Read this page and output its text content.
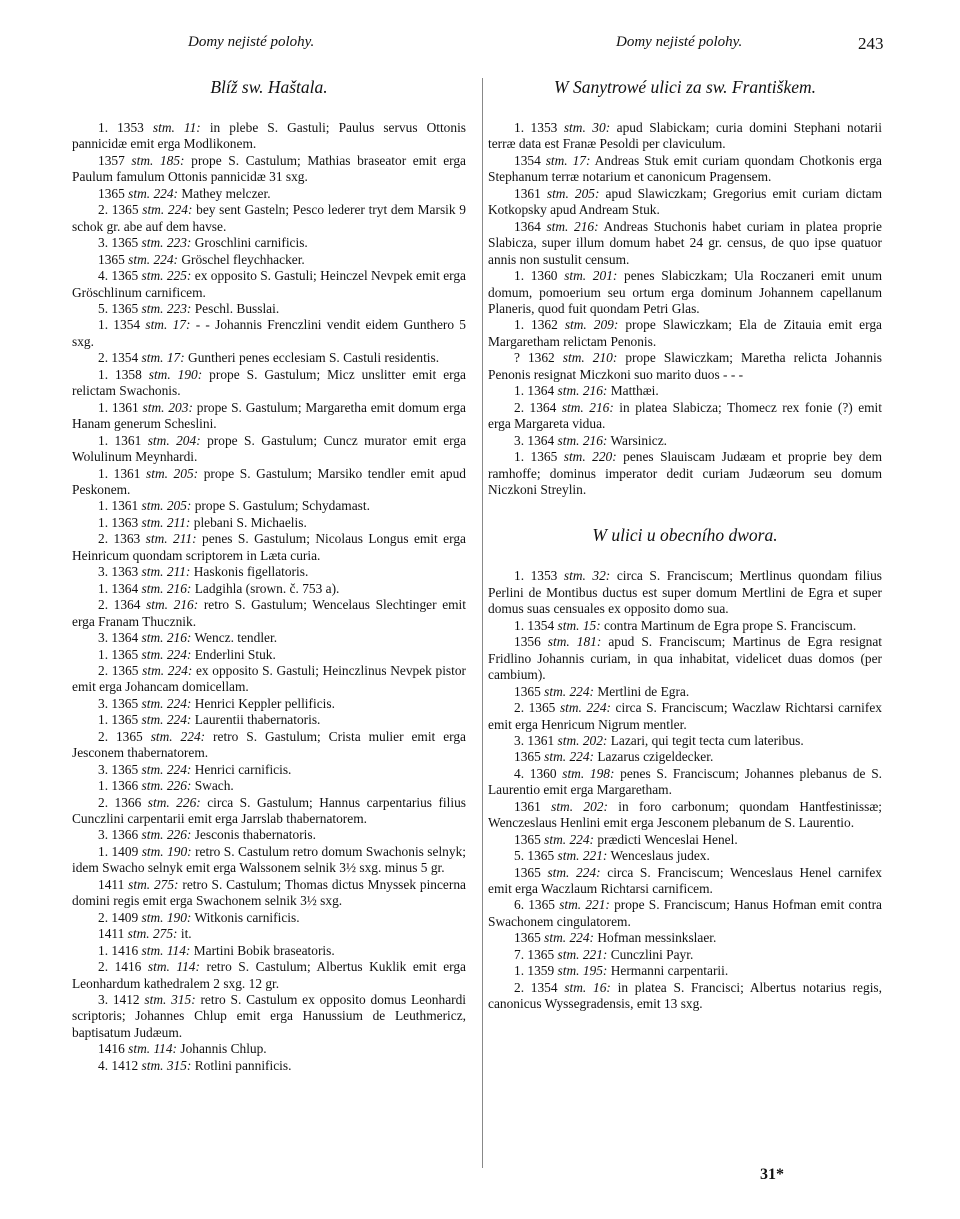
Domy nejisté polohy.	Domy nejisté polohy.	243
Blíž sw. Haštala.

1. 1353 stm. 11: in plebe S. Gastuli; Paulus servus Ottonis pannicidæ emit erga Modlikonem.

1357 stm. 185: prope S. Castulum; Mathias braseator emit erga Paulum famulum Ottonis pannicidæ 31 sxg.

1365 stm. 224: Mathey melczer.

2. 1365 stm. 224: bey sent Gasteln; Pesco lederer tryt dem Marsik 9 schok gr. abe auf dem havse.

3. 1365 stm. 223: Groschlini carnificis.

1365 stm. 224: Gröschel fleychhacker.

4. 1365 stm. 225: ex opposito S. Gastuli; Heinczel Nevpek emit erga Gröschlinum carnificem.

5. 1365 stm. 223: Peschl. Busslai.

1. 1354 stm. 17: - - Johannis Frenczlini vendit eidem Gunthero 5 sxg.

2. 1354 stm. 17: Guntheri penes ecclesiam S. Castuli residentis.

1. 1358 stm. 190: prope S. Gastulum; Micz unslitter emit erga relictam Swachonis.

1. 1361 stm. 203: prope S. Gastulum; Margaretha emit domum erga Hanam generum Scheslini.

1. 1361 stm. 204: prope S. Gastulum; Cuncz murator emit erga Wolulinum Meynhardi.

1. 1361 stm. 205: prope S. Gastulum; Marsiko tendler emit apud Peskonem.

1. 1361 stm. 205: prope S. Gastulum; Schydamast.

1. 1363 stm. 211: plebani S. Michaelis.

2. 1363 stm. 211: penes S. Gastulum; Nicolaus Longus emit erga Heinricum quondam scriptorem in Læta curia.

3. 1363 stm. 211: Haskonis figellatoris.

1. 1364 stm. 216: Ladgihla (srown. č. 753 a).

2. 1364 stm. 216: retro S. Gastulum; Wencelaus Slechtinger emit erga Franam Thucznik.

3. 1364 stm. 216: Wencz. tendler.

1. 1365 stm. 224: Enderlini Stuk.

2. 1365 stm. 224: ex opposito S. Gastuli; Heinczlinus Nevpek pistor emit erga Johancam domicellam.

3. 1365 stm. 224: Henrici Keppler pellificis.

1. 1365 stm. 224: Laurentii thabernatoris.

2. 1365 stm. 224: retro S. Gastulum; Crista mulier emit erga Jesconem thabernatorem.

3. 1365 stm. 224: Henrici carnificis.

1. 1366 stm. 226: Swach.

2. 1366 stm. 226: circa S. Gastulum; Hannus carpentarius filius Cunczlini carpentarii emit erga Jarrslab thabernatorem.

3. 1366 stm. 226: Jesconis thabernatoris.

1. 1409 stm. 190: retro S. Castulum retro domum Swachonis selnyk; idem Swacho selnyk emit erga Walssonem selnik 3½ sxg. minus 5 gr.

1411 stm. 275: retro S. Castulum; Thomas dictus Mnyssek pincerna domini regis emit erga Swachonem selnik 3½ sxg.

2. 1409 stm. 190: Witkonis carnificis.

1411 stm. 275: it.

1. 1416 stm. 114: Martini Bobik braseatoris.

2. 1416 stm. 114: retro S. Castulum; Albertus Kuklik emit erga Leonhardum kathedralem 2 sxg. 12 gr.

3. 1412 stm. 315: retro S. Castulum ex opposito domus Leonhardi scriptoris; Johannes Chlup emit erga Hanussium de Leuthmericz, baptisatum Judæum.

1416 stm. 114: Johannis Chlup.

4. 1412 stm. 315: Rotlini pannificis.

W Sanytrowé ulici za sw. Františkem.

1. 1353 stm. 30: apud Slabickam; curia domini Stephani notarii terræ data est Franæ Pesoldi per claviculum.

1354 stm. 17: Andreas Stuk emit curiam quondam Chotkonis erga Stephanum terræ notarium et canonicum Pragensem.

1361 stm. 205: apud Slawiczkam; Gregorius emit curiam dictam Kotkopsky apud Andream Stuk.

1364 stm. 216: Andreas Stuchonis habet curiam in platea proprie Slabicza, super illum domum habet 24 gr. census, de quo ipse quatuor annis non sustulit censum.

1. 1360 stm. 201: penes Slabiczkam; Ula Roczaneri emit unum domum, pomoerium seu ortum erga dominum Johannem capellanum Planeris, quod fuit quondam Petri Glas.

1. 1362 stm. 209: prope Slawiczkam; Ela de Zitauia emit erga Margaretham relictam Penonis.

? 1362 stm. 210: prope Slawiczkam; Maretha relicta Johannis Penonis resignat Miczkoni suo marito duos - - -

1. 1364 stm. 216: Matthæi.

2. 1364 stm. 216: in platea Slabicza; Thomecz rex fonie (?) emit erga Margareta vidua.

3. 1364 stm. 216: Warsinicz.

1. 1365 stm. 220: penes Slauiscam Judæam et proprie bey dem ramhoffe; dominus imperator dedit curiam Judæorum seu domum Niczkoni Streylin.

W ulici u obecního dwora.

1. 1353 stm. 32: circa S. Franciscum; Mertlinus quondam filius Perlini de Montibus ductus est super domum Mertlini de Egra et super domus suas censuales ex opposito domo sua.

1. 1354 stm. 15: contra Martinum de Egra prope S. Franciscum.

1356 stm. 181: apud S. Franciscum; Martinus de Egra resignat Fridlino Johannis curiam, in qua inhabitat, videlicet duas domos (per cambium).

1365 stm. 224: Mertlini de Egra.

2. 1365 stm. 224: circa S. Franciscum; Waczlaw Richtarsi carnifex emit erga Henricum Nigrum mentler.

3. 1361 stm. 202: Lazari, qui tegit tecta cum lateribus.

1365 stm. 224: Lazarus czigeldecker.

4. 1360 stm. 198: penes S. Franciscum; Johannes plebanus de S. Laurentio emit erga Margaretham.

1361 stm. 202: in foro carbonum; quondam Hantfestinissæ; Wenczeslaus Henlini emit erga Jesconem plebanum de S. Laurentio.

1365 stm. 224: prædicti Wenceslai Henel.

5. 1365 stm. 221: Wenceslaus judex.

1365 stm. 224: circa S. Franciscum; Wenceslaus Henel carnifex emit erga Waczlaum Richtarsi carnificem.

6. 1365 stm. 221: prope S. Franciscum; Hanus Hofman emit contra Swachonem cingulatorem.

1365 stm. 224: Hofman messinkslaer.

7. 1365 stm. 221: Cunczlini Payr.

1. 1359 stm. 195: Hermanni carpentarii.

2. 1354 stm. 16: in platea S. Francisci; Albertus notarius regis, canonicus Wyssegradensis, emit 13 sxg.

31*
